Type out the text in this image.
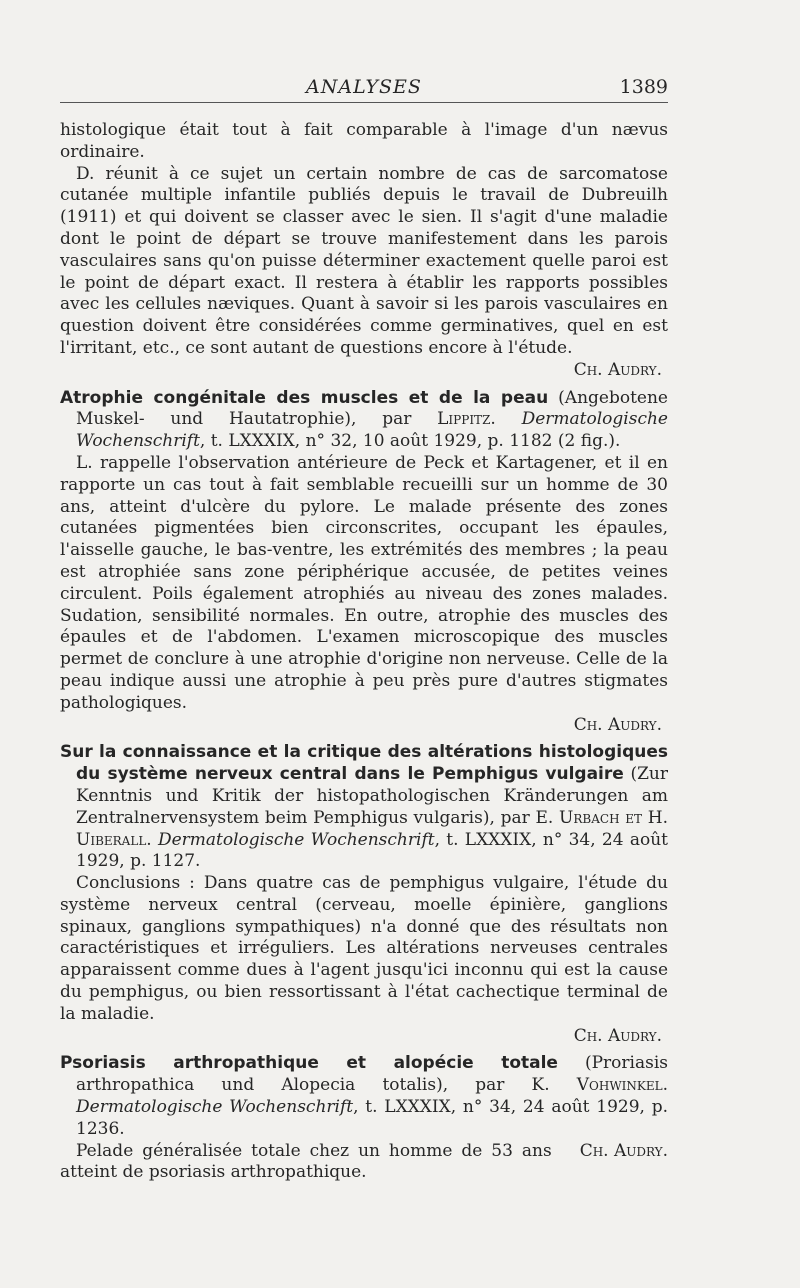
ANALYSES	1389

histologique était tout à fait comparable à l'image d'un nævus ordinaire.

D. réunit à ce sujet un certain nombre de cas de sarcomatose cutanée multiple infantile publiés depuis le travail de Dubreuilh (1911) et qui doivent se classer avec le sien. Il s'agit d'une maladie dont le point de départ se trouve manifestement dans les parois vasculaires sans qu'on puisse déterminer exactement quelle paroi est le point de départ exact. Il restera à établir les rapports possibles avec les cellules næviques. Quant à savoir si les parois vasculaires en question doivent être considérées comme germinatives, quel en est l'irritant, etc., ce sont autant de questions encore à l'étude.

Ch. Audry.

Atrophie congénitale des muscles et de la peau (Angebotene Muskel- und Hautatrophie), par Lippitz. Dermatologische Wochenschrift, t. LXXXIX, n° 32, 10 août 1929, p. 1182 (2 fig.).

L. rappelle l'observation antérieure de Peck et Kartagener, et il en rapporte un cas tout à fait semblable recueilli sur un homme de 30 ans, atteint d'ulcère du pylore. Le malade présente des zones cutanées pigmentées bien circonscrites, occupant les épaules, l'aisselle gauche, le bas-ventre, les extrémités des membres ; la peau est atrophiée sans zone périphérique accusée, de petites veines circulent. Poils également atrophiés au niveau des zones malades. Sudation, sensibilité normales. En outre, atrophie des muscles des épaules et de l'abdomen. L'examen microscopique des muscles permet de conclure à une atrophie d'origine non nerveuse. Celle de la peau indique aussi une atrophie à peu près pure d'autres stigmates pathologiques.

Ch. Audry.

Sur la connaissance et la critique des altérations histologiques du système nerveux central dans le Pemphigus vulgaire (Zur Kenntnis und Kritik der histopathologischen Kränderungen am Zentralnervensystem beim Pemphigus vulgaris), par E. Urbach et H. Uiberall. Dermatologische Wochenschrift, t. LXXXIX, n° 34, 24 août 1929, p. 1127.

Conclusions : Dans quatre cas de pemphigus vulgaire, l'étude du système nerveux central (cerveau, moelle épinière, ganglions spinaux, ganglions sympathiques) n'a donné que des résultats non caractéristiques et irréguliers. Les altérations nerveuses centrales apparaissent comme dues à l'agent jusqu'ici inconnu qui est la cause du pemphigus, ou bien ressortissant à l'état cachectique terminal de la maladie.

Ch. Audry.

Psoriasis arthropathique et alopécie totale (Proriasis arthropathica und Alopecia totalis), par K. Vohwinkel. Dermatologische Wochenschrift, t. LXXXIX, n° 34, 24 août 1929, p. 1236.

Pelade généralisée totale chez un homme de 53 ans atteint de psoriasis arthropathique.
Ch. Audry.
